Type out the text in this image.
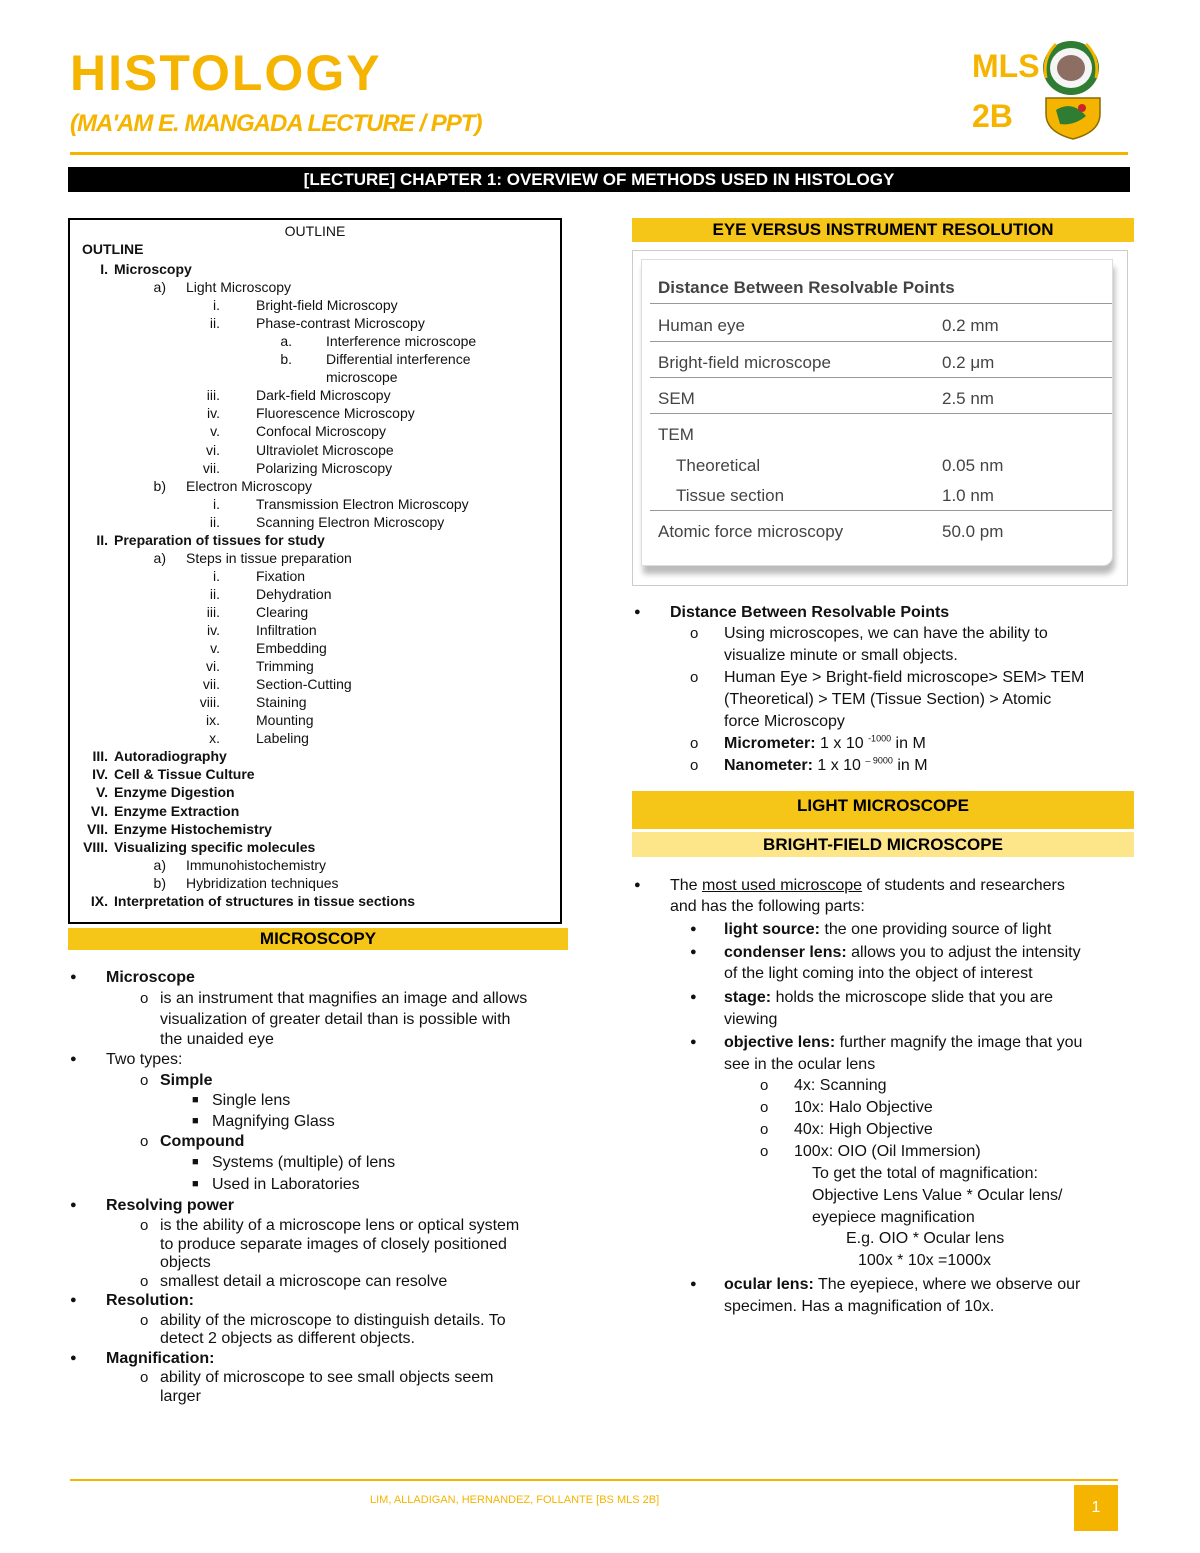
HISTOLOGY
(MA'AM E. MANGADA LECTURE / PPT)
MLS
2B
[LECTURE] CHAPTER 1: OVERVIEW OF METHODS USED IN HISTOLOGY
OUTLINE
OUTLINE
I. Microscopy
a) Light Microscopy
i.	Bright-field Microscopy
ii.	Phase-contrast Microscopy
a. Interference microscope
b. Differential interference
microscope
iii.	Dark-field Microscopy
iv.	Fluorescence Microscopy
v.	Confocal Microscopy
vi.	Ultraviolet Microscope
vii.	Polarizing Microscopy
b) Electron Microscopy
i.	Transmission Electron Microscopy
ii.	Scanning Electron Microscopy
II. Preparation of tissues for study
a) Steps in tissue preparation
i.	Fixation
ii.	Dehydration
iii.	Clearing
iv.	Infiltration
v.	Embedding
vi.	Trimming
vii.	Section-Cutting
viii.	Staining
ix.	Mounting
x.	Labeling
III. Autoradiography
IV. Cell & Tissue Culture
V. Enzyme Digestion
VI. Enzyme Extraction
VII. Enzyme Histochemistry
VIII. Visualizing specific molecules
a) Immunohistochemistry
b) Hybridization techniques
IX. Interpretation of structures in tissue sections
MICROSCOPY
● Microscope
o is an instrument that magnifies an image and allows
visualization of greater detail than is possible with
the unaided eye
● Two types:
o Simple
■ Single lens
■ Magnifying Glass
o Compound
■ Systems (multiple) of lens
■ Used in Laboratories
● Resolving power
o is the ability of a microscope lens or optical system
to produce separate images of closely positioned
objects
o smallest detail a microscope can resolve
● Resolution:
o ability of the microscope to distinguish details. To
detect 2 objects as different objects.
● Magnification:
o ability of microscope to see small objects seem
larger
EYE VERSUS INSTRUMENT RESOLUTION
Distance Between Resolvable Points
Human eye	0.2 mm
Bright-field microscope	0.2 μm
SEM	2.5 nm
TEM
Theoretical	0.05 nm
Tissue section	1.0 nm
Atomic force microscopy	50.0 pm
● Distance Between Resolvable Points
o Using microscopes, we can have the ability to
visualize minute or small objects.
o Human Eye > Bright-field microscope> SEM> TEM
(Theoretical) > TEM (Tissue Section) > Atomic
force Microscopy
o Micrometer: 1 x 10 $^{-1000}$ in M
o Nanometer: 1 x 10 $^{- 9000}$ in M
LIGHT MICROSCOPE
BRIGHT-FIELD MICROSCOPE
● The most used microscope of students and researchers
and has the following parts:
● light source: the one providing source of light
● condenser lens: allows you to adjust the intensity
of the light coming into the object of interest
● stage: holds the microscope slide that you are
viewing
● objective lens: further magnify the image that you
see in the ocular lens
o 4x: Scanning
o 10x: Halo Objective
o 40x: High Objective
o 100x: OIO (Oil Immersion)
To get the total of magnification:
Objective Lens Value * Ocular lens/
eyepiece magnification
E.g. OIO * Ocular lens
100x * 10x =1000x
● ocular lens: The eyepiece, where we observe our
specimen. Has a magnification of 10x.
LIM, ALLADIGAN, HERNANDEZ, FOLLANTE [BS MLS 2B]	1
